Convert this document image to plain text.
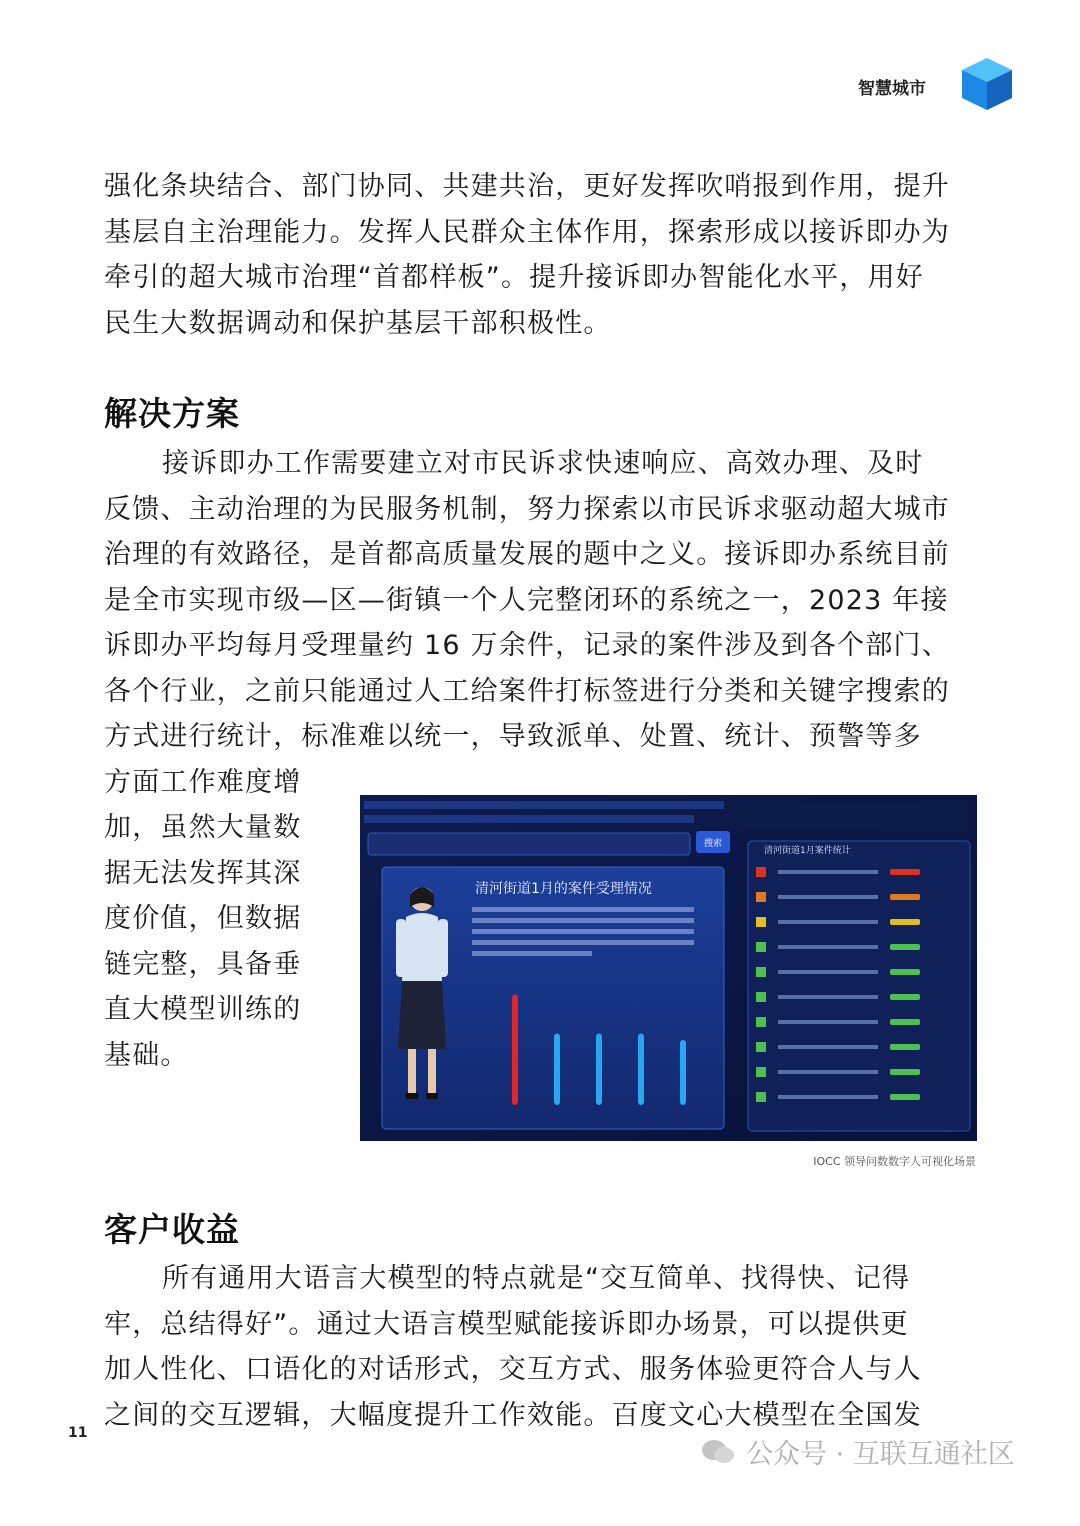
智慧城市
强化条块结合、部门协同、共建共治，更好发挥吹哨报到作用，提升
基层自主治理能力。发挥人民群众主体作用，探索形成以接诉即办为
牵引的超大城市治理“首都样板”。提升接诉即办智能化水平，用好
民生大数据调动和保护基层干部积极性。
解决方案
接诉即办工作需要建立对市民诉求快速响应、高效办理、及时
反馈、主动治理的为民服务机制，努力探索以市民诉求驱动超大城市
治理的有效路径，是首都高质量发展的题中之义。接诉即办系统目前
是全市实现市级—区—街镇一个人完整闭环的系统之一，2023 年接
诉即办平均每月受理量约 16 万余件，记录的案件涉及到各个部门、
各个行业，之前只能通过人工给案件打标签进行分类和关键字搜索的
方式进行统计，标准难以统一，导致派单、处置、统计、预警等多
方面工作难度增
加，虽然大量数
据无法发挥其深
度价值，但数据
链完整，具备垂
直大模型训练的
基础。
搜索
清河街道1月的案件受理情况
清河街道1月案件统计
IOCC 领导问数数字人可视化场景
客户收益
所有通用大语言大模型的特点就是“交互简单、找得快、记得
牢，总结得好”。通过大语言模型赋能接诉即办场景，可以提供更
加人性化、口语化的对话形式，交互方式、服务体验更符合人与人
之间的交互逻辑，大幅度提升工作效能。百度文心大模型在全国发
11
公众号 · 互联互通社区
